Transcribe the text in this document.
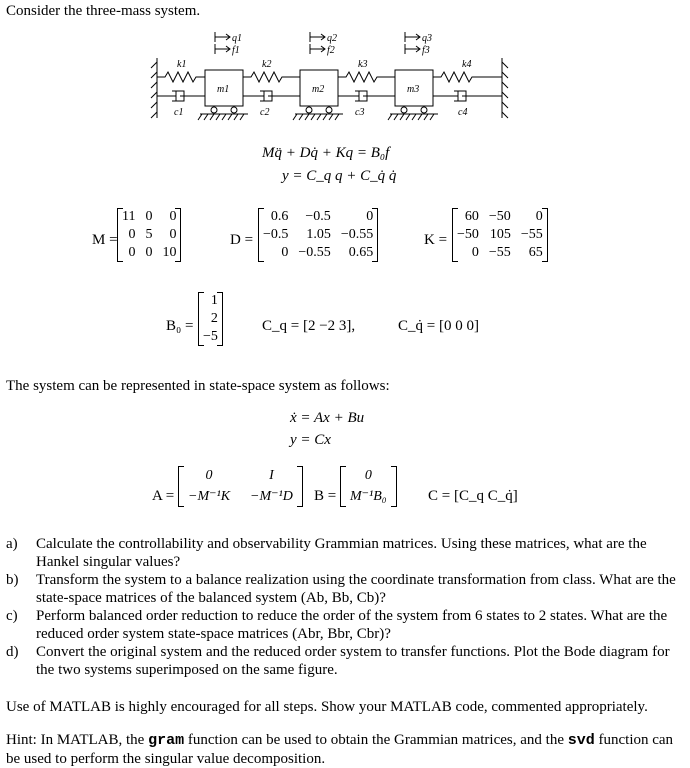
Consider the three-mass system.
q1
f1
q2
f2
q3
f3
k1	k2	k3	k4
c1	c2	c3	c4
m1	m2	m3
Mq̈ + Dq̇ + Kq = B₀f
y = C_q q + C_q̇ q̇
M =
11	0	0
0	5	0
0	0	10
D =
0.6	−0.5	0
−0.5	1.05	−0.55
0	−0.55	0.65
K =
60	−50	0
−50	105	−55
0	−55	65
B₀ =
1
2
−5
C_q = [2 −2 3],	C_q̇ = [0 0 0]
The system can be represented in state-space system as follows:
ẋ = Ax + Bu
y = Cx
A =
0	I
−M⁻¹K	−M⁻¹D B =
0
M⁻¹B₀	C = [C_q C_q̇]
a)	Calculate the controllability and observability Grammian matrices. Using these matrices, what are the Hankel singular values?
b)	Transform the system to a balance realization using the coordinate transformation from class. What are the state-space matrices of the balanced system (Ab, Bb, Cb)?
c)	Perform balanced order reduction to reduce the order of the system from 6 states to 2 states. What are the reduced order system state-space matrices (Abr, Bbr, Cbr)?
d)	Convert the original system and the reduced order system to transfer functions. Plot the Bode diagram for the two systems superimposed on the same figure.
Use of MATLAB is highly encouraged for all steps. Show your MATLAB code, commented appropriately.
Hint: In MATLAB, the gram function can be used to obtain the Grammian matrices, and the svd function can be used to perform the singular value decomposition.
